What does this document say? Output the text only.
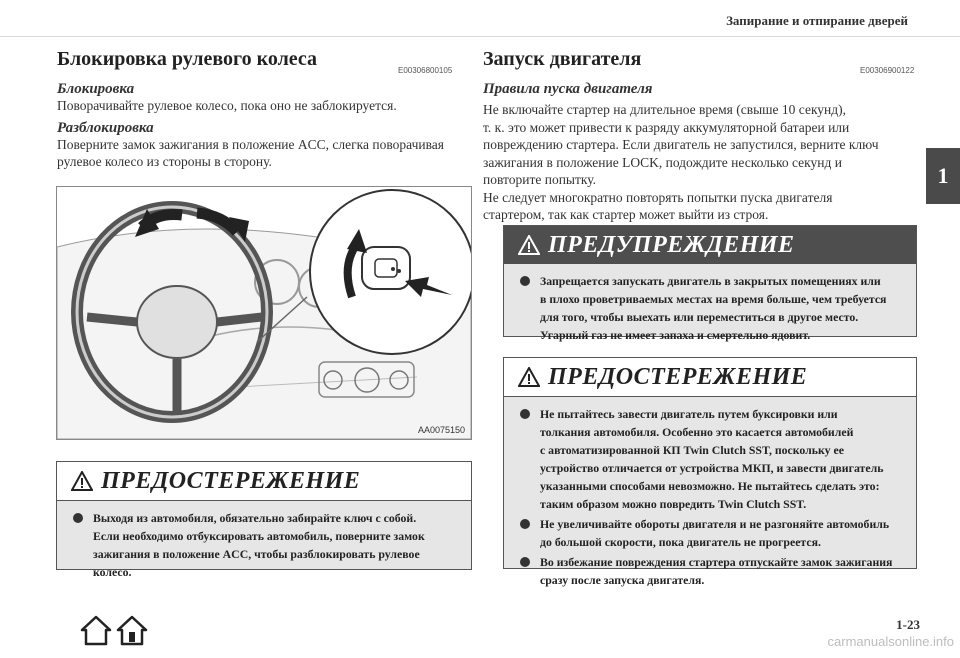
Запирание и отпирание дверей
1
Блокировка рулевого колеса
E00306800105
Блокировка
Поворачивайте рулевое колесо, пока оно не заблокируется.
Разблокировка
Поверните замок зажигания в положение ACC, слегка поворачивая
рулевое колесо из стороны в сторону.
AA0075150
ПРЕДОСТЕРЕЖЕНИЕ
Выходя из автомобиля, обязательно забирайте ключ с собой.
Если необходимо отбуксировать автомобиль, поверните замок
зажигания в положение ACC, чтобы разблокировать рулевое
колесо.
Запуск двигателя
E00306900122
Правила пуска двигателя
Не включайте стартер на длительное время (свыше 10 секунд),
т. к. это может привести к разряду аккумуляторной батареи или
повреждению стартера. Если двигатель не запустился, верните ключ
зажигания в положение LOCK, подождите несколько секунд и
повторите попытку.
Не следует многократно повторять попытки пуска двигателя
стартером, так как стартер может выйти из строя.
ПРЕДУПРЕЖДЕНИЕ
Запрещается запускать двигатель в закрытых помещениях или
в плохо проветриваемых местах на время больше, чем требуется
для того, чтобы выехать или переместиться в другое место.
Угарный газ не имеет запаха и смертельно ядовит.
ПРЕДОСТЕРЕЖЕНИЕ
Не пытайтесь завести двигатель путем буксировки или
толкания автомобиля. Особенно это касается автомобилей
с автоматизированной КП Twin Clutch SST, поскольку ее
устройство отличается от устройства МКП, и завести двигатель
указанными способами невозможно. Не пытайтесь сделать это:
таким образом можно повредить Twin Clutch SST.
Не увеличивайте обороты двигателя и не разгоняйте автомобиль
до большой скорости, пока двигатель не прогреется.
Во избежание повреждения стартера отпускайте замок зажигания
сразу после запуска двигателя.
1-23
carmanualsonline.info
